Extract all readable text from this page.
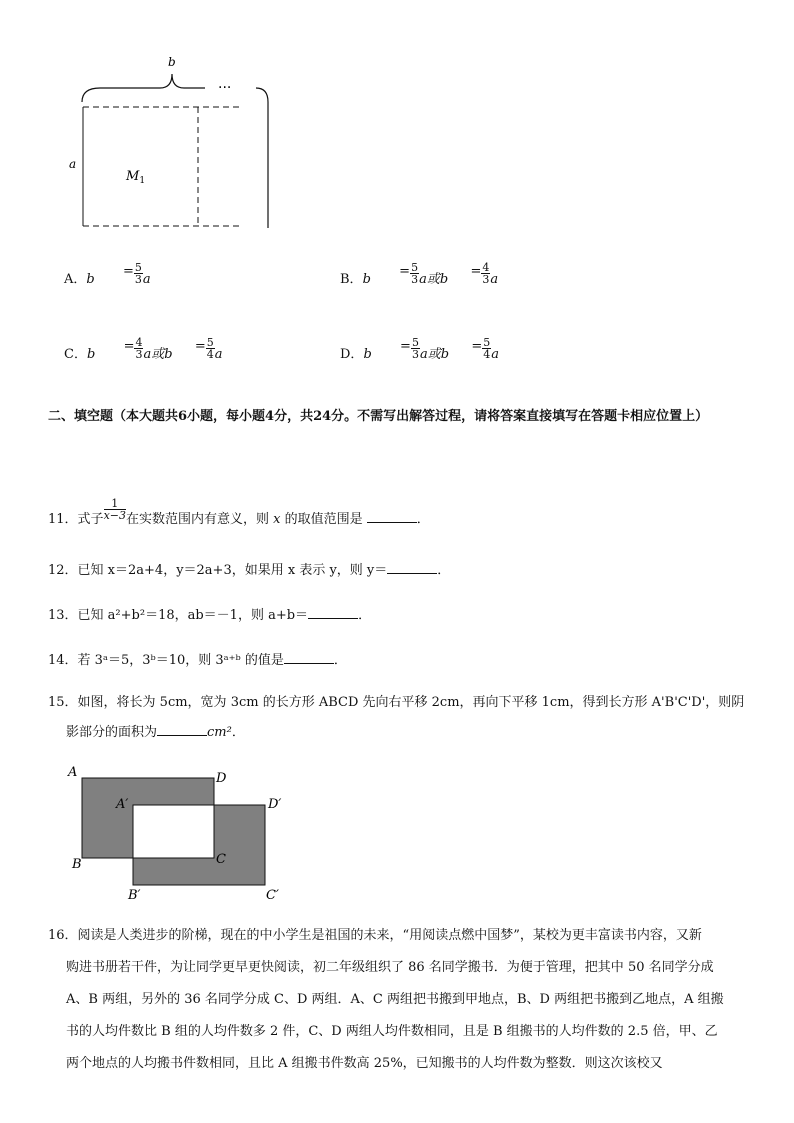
b
···
a
$M_1$
A．$b = \frac{5}{3}$ a	B．$b = \frac{5}{3}$ a或$b = \frac{4}{3}$ a
C．$b = \frac{4}{3}$ a或$b = \frac{5}{4}$ a	D．$b = \frac{5}{3}$ a或$b = \frac{5}{4}$ a
二、填空题（本大题共6小题，每小题4分，共24分。不需写出解答过程，请将答案直接填写在答题卡相应位置上）
11．式子 $\frac{1}{x-3}$ 在实数范围内有意义，则 x 的取值范围是	．
12．已知 x＝2a+4，y＝2a+3，如果用 x 表示 y，则 y＝	．
13．已知 a²+b²＝18，ab＝－1，则 a+b＝	．
14．若 3ᵃ＝5，3ᵇ＝10，则 3ᵃ⁺ᵇ 的值是	．
15．如图，将长为 5cm，宽为 3cm 的长方形 ABCD 先向右平移 2cm，再向下平移 1cm，得到长方形 A'B'C'D'，则阴
影部分的面积为	cm²．
A	D
A′	D′
B	C
B′	C′
16．阅读是人类进步的阶梯，现在的中小学生是祖国的未来，“用阅读点燃中国梦”，某校为更丰富读书内容，又新
购进书册若干件，为让同学更早更快阅读，初二年级组织了 86 名同学搬书．为便于管理，把其中 50 名同学分成
A、B 两组，另外的 36 名同学分成 C、D 两组．A、C 两组把书搬到甲地点，B、D 两组把书搬到乙地点，A 组搬
书的人均件数比 B 组的人均件数多 2 件，C、D 两组人均件数相同，且是 B 组搬书的人均件数的 2.5 倍，甲、乙
两个地点的人均搬书件数相同，且比 A 组搬书件数高 25%，已知搬书的人均件数为整数．则这次该校又
